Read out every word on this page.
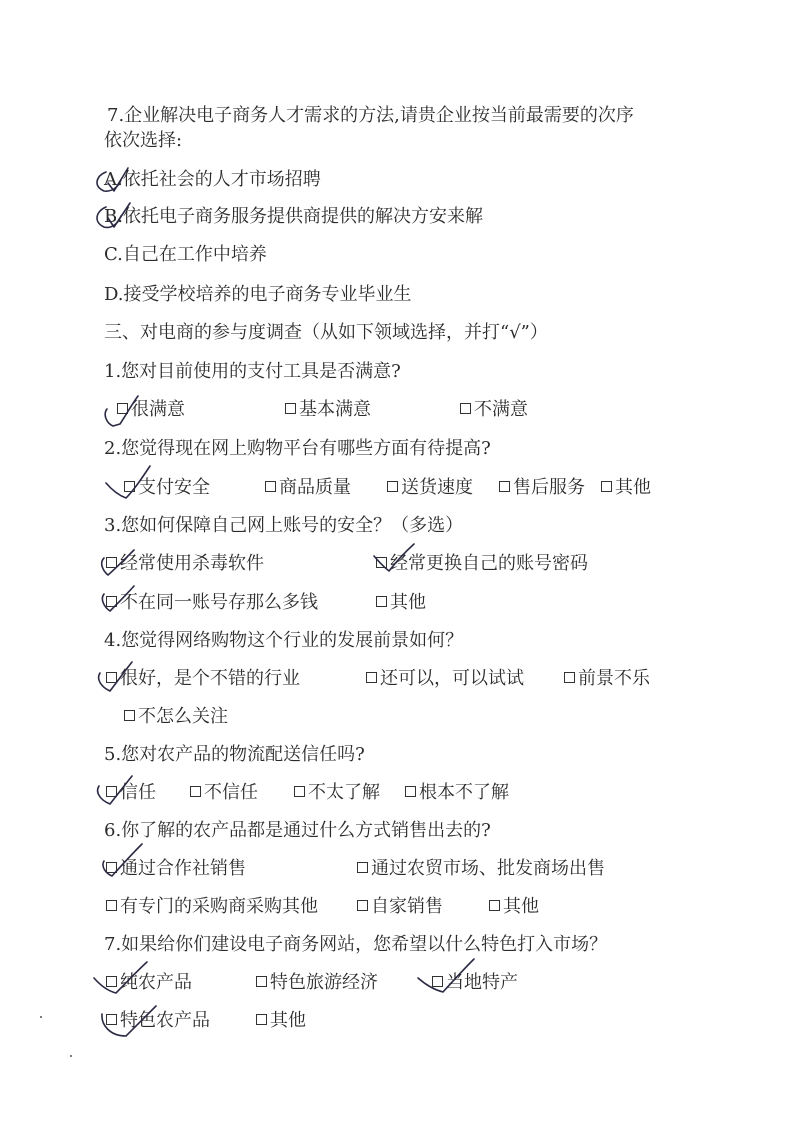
7.企业解决电子商务人才需求的方法,请贵企业按当前最需要的次序
依次选择:
A.依托社会的人才市场招聘
B.依托电子商务服务提供商提供的解决方安来解
C.自己在工作中培养
D.接受学校培养的电子商务专业毕业生
三、对电商的参与度调查（从如下领域选择，并打“√”）
1.您对目前使用的支付工具是否满意?
很满意	基本满意	不满意
2.您觉得现在网上购物平台有哪些方面有待提高?
支付安全	商品质量	送货速度	售后服务	其他
3.您如何保障自己网上账号的安全？（多选）
经常使用杀毒软件	经常更换自己的账号密码
不在同一账号存那么多钱	其他
4.您觉得网络购物这个行业的发展前景如何？
很好，是个不错的行业	还可以，可以试试	前景不乐
不怎么关注
5.您对农产品的物流配送信任吗?
信任	不信任	不太了解	根本不了解
6.你了解的农产品都是通过什么方式销售出去的?
通过合作社销售	通过农贸市场、批发商场出售
有专门的采购商采购其他	自家销售	其他
7.如果给你们建设电子商务网站，您希望以什么特色打入市场？
纯农产品	特色旅游经济	当地特产
特色农产品	其他
